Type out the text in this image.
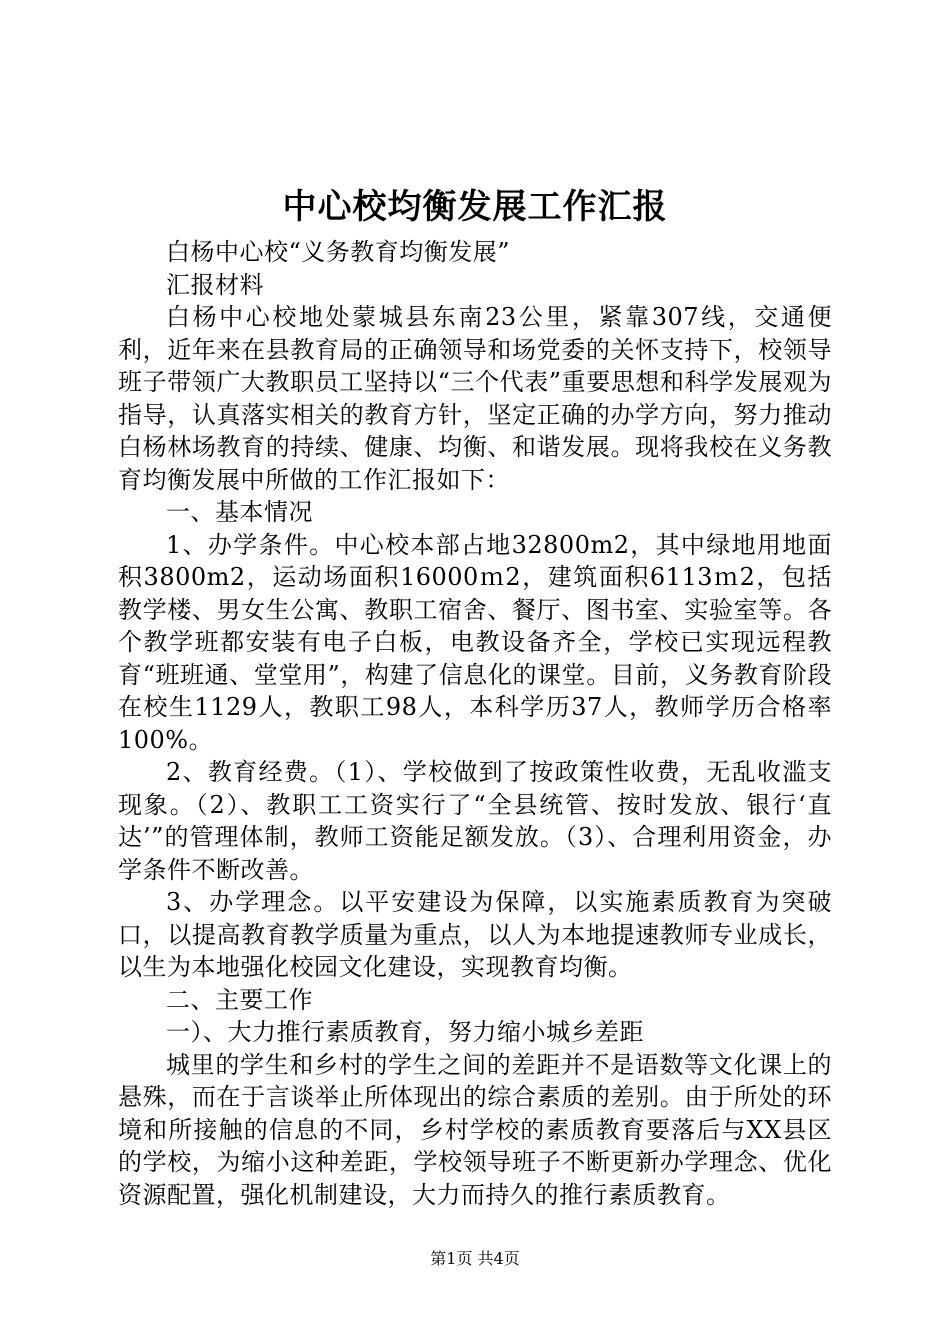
中心校均衡发展工作汇报

白杨中心校“义务教育均衡发展”

汇报材料

白杨中心校地处蒙城县东南23公里，紧靠307线，交通便利，近年来在县教育局的正确领导和场党委的关怀支持下，校领导班子带领广大教职员工坚持以“三个代表”重要思想和科学发展观为指导，认真落实相关的教育方针，坚定正确的办学方向，努力推动白杨林场教育的持续、健康、均衡、和谐发展。现将我校在义务教育均衡发展中所做的工作汇报如下：

一、基本情况

1、办学条件。中心校本部占地32800m2，其中绿地用地面积3800m2，运动场面积16000ｍ2，建筑面积6113ｍ2，包括教学楼、男女生公寓、教职工宿舍、餐厅、图书室、实验室等。各个教学班都安装有电子白板，电教设备齐全，学校已实现远程教育“班班通、堂堂用”，构建了信息化的课堂。目前，义务教育阶段在校生1129人，教职工98人，本科学历37人，教师学历合格率100%。

2、教育经费。（1）、学校做到了按政策性收费，无乱收滥支现象。（2）、教职工工资实行了“全县统管、按时发放、银行‘直达’”的管理体制，教师工资能足额发放。（3）、合理利用资金，办学条件不断改善。

3、办学理念。以平安建设为保障，以实施素质教育为突破口，以提高教育教学质量为重点，以人为本地提速教师专业成长，以生为本地强化校园文化建设，实现教育均衡。

二、主要工作

一）、大力推行素质教育，努力缩小城乡差距

城里的学生和乡村的学生之间的差距并不是语数等文化课上的悬殊，而在于言谈举止所体现出的综合素质的差别。由于所处的环境和所接触的信息的不同，乡村学校的素质教育要落后与XX县区的学校，为缩小这种差距，学校领导班子不断更新办学理念、优化资源配置，强化机制建设，大力而持久的推行素质教育。

第1页 共4页
